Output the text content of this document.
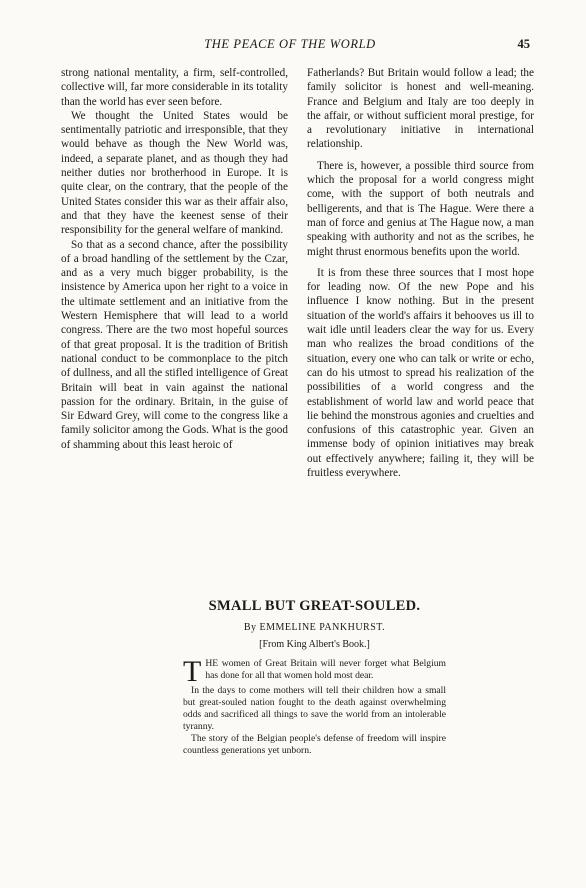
THE PEACE OF THE WORLD	45

strong national mentality, a firm, self-controlled, collective will, far more considerable in its totality than the world has ever seen before.

We thought the United States would be sentimentally patriotic and irresponsible, that they would behave as though the New World was, indeed, a separate planet, and as though they had neither duties nor brotherhood in Europe. It is quite clear, on the contrary, that the people of the United States consider this war as their affair also, and that they have the keenest sense of their responsibility for the general welfare of mankind.

So that as a second chance, after the possibility of a broad handling of the settlement by the Czar, and as a very much bigger probability, is the insistence by America upon her right to a voice in the ultimate settlement and an initiative from the Western Hemisphere that will lead to a world congress. There are the two most hopeful sources of that great proposal. It is the tradition of British national conduct to be commonplace to the pitch of dullness, and all the stifled intelligence of Great Britain will beat in vain against the national passion for the ordinary. Britain, in the guise of Sir Edward Grey, will come to the congress like a family solicitor among the Gods. What is the good of shamming about this least heroic of

Fatherlands? But Britain would follow a lead; the family solicitor is honest and well-meaning. France and Belgium and Italy are too deeply in the affair, or without sufficient moral prestige, for a revolutionary initiative in international relationship.

There is, however, a possible third source from which the proposal for a world congress might come, with the support of both neutrals and belligerents, and that is The Hague. Were there a man of force and genius at The Hague now, a man speaking with authority and not as the scribes, he might thrust enormous benefits upon the world.

It is from these three sources that I most hope for leading now. Of the new Pope and his influence I know nothing. But in the present situation of the world's affairs it behooves us ill to wait idle until leaders clear the way for us. Every man who realizes the broad conditions of the situation, every one who can talk or write or echo, can do his utmost to spread his realization of the possibilities of a world congress and the establishment of world law and world peace that lie behind the monstrous agonies and cruelties and confusions of this catastrophic year. Given an immense body of opinion initiatives may break out effectively anywhere; failing it, they will be fruitless everywhere.

SMALL BUT GREAT-SOULED.
By EMMELINE PANKHURST.
[From King Albert's Book.]

THE women of Great Britain will never forget what Belgium has done for all that women hold most dear.

In the days to come mothers will tell their children how a small but great-souled nation fought to the death against overwhelming odds and sacrificed all things to save the world from an intolerable tyranny.

The story of the Belgian people's defense of freedom will inspire countless generations yet unborn.
